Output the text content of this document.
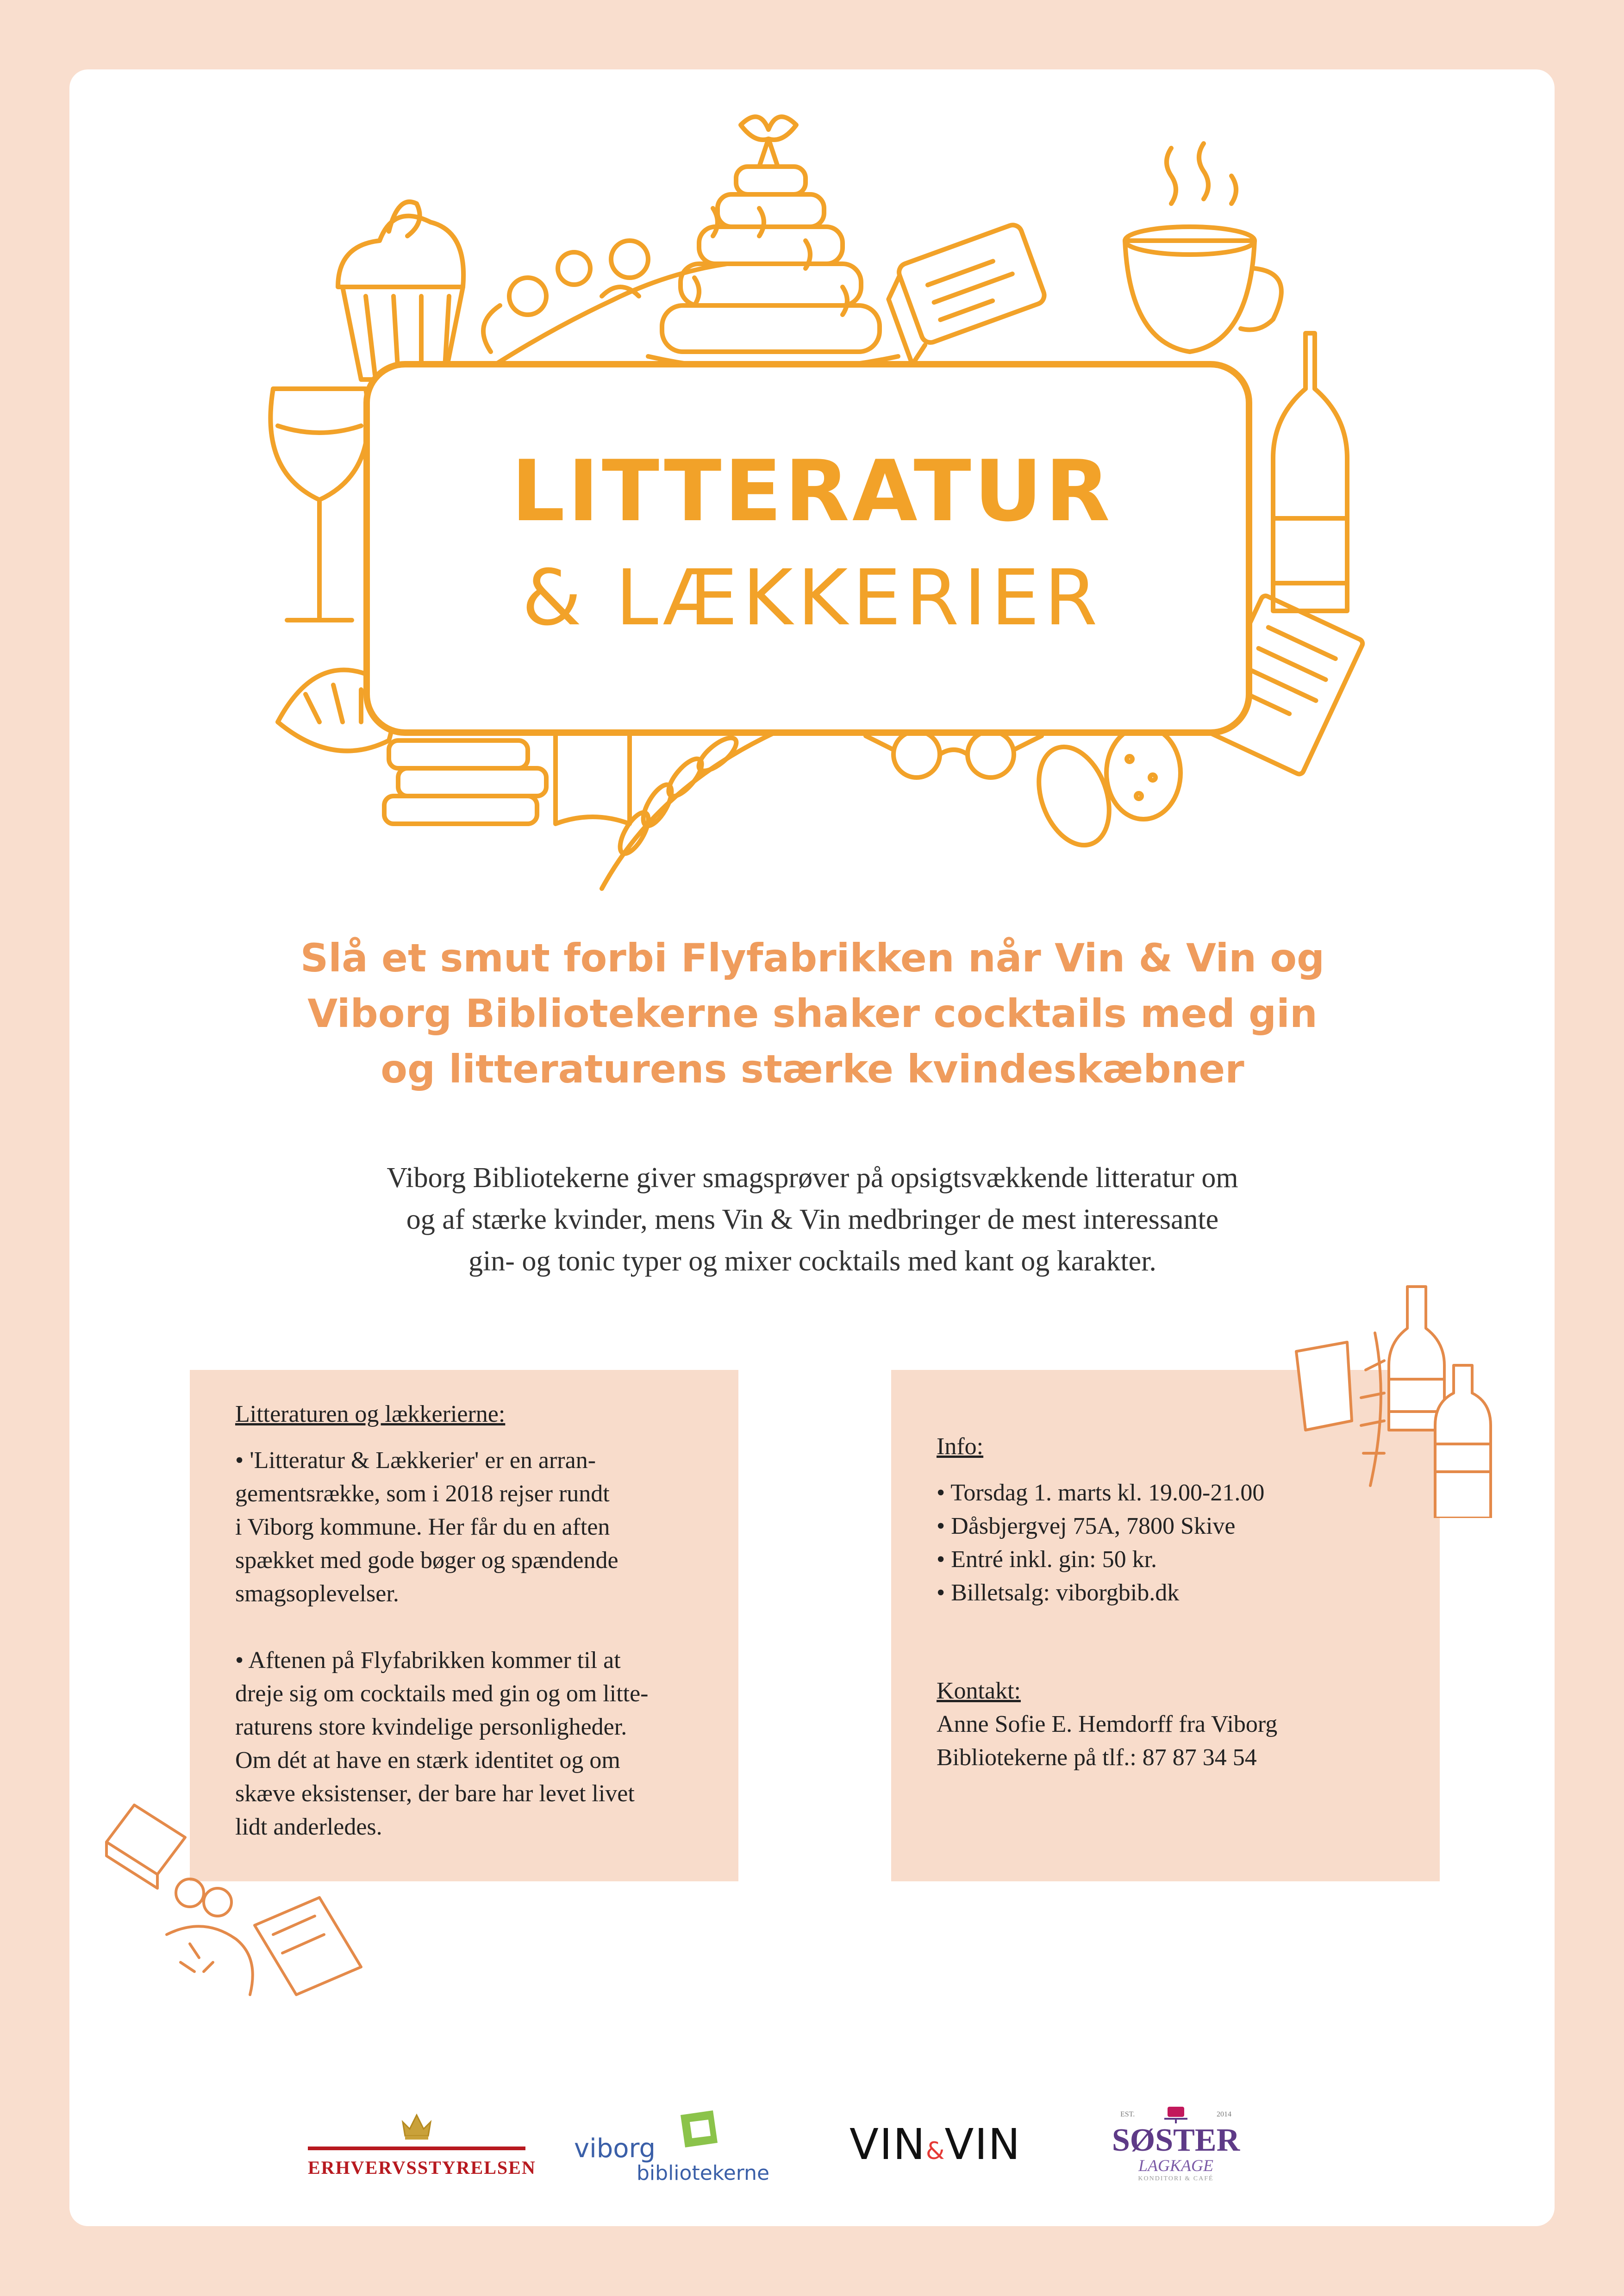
LITTERATUR
& LÆKKERIER
Slå et smut forbi Flyfabrikken når Vin & Vin og
Viborg Bibliotekerne shaker cocktails med gin
og litteraturens stærke kvindeskæbner
Viborg Bibliotekerne giver smagsprøver på opsigtsvækkende litteratur om
og af stærke kvinder, mens Vin & Vin medbringer de mest interessante
gin- og tonic typer og mixer cocktails med kant og karakter.
Litteraturen og lækkerierne:
• 'Litteratur & Lækkerier' er en arran-
gementsrække, som i 2018 rejser rundt
i Viborg kommune. Her får du en aften
spækket med gode bøger og spændende
smagsoplevelser.
• Aftenen på Flyfabrikken kommer til at
dreje sig om cocktails med gin og om litte-
raturens store kvindelige personligheder.
Om dét at have en stærk identitet og om
skæve eksistenser, der bare har levet livet
lidt anderledes.
Info:
• Torsdag 1. marts kl. 19.00-21.00
• Dåsbjergvej 75A, 7800 Skive
• Entré inkl. gin: 50 kr.
• Billetsalg: viborgbib.dk
Kontakt:
Anne Sofie E. Hemdorff fra Viborg
Bibliotekerne på tlf.: 87 87 34 54
ERHVERVSSTYRELSEN
viborg
bibliotekerne
VIN&VIN
EST.	2014
SØSTER
LAGKAGE
KONDITORI & CAFÉ
